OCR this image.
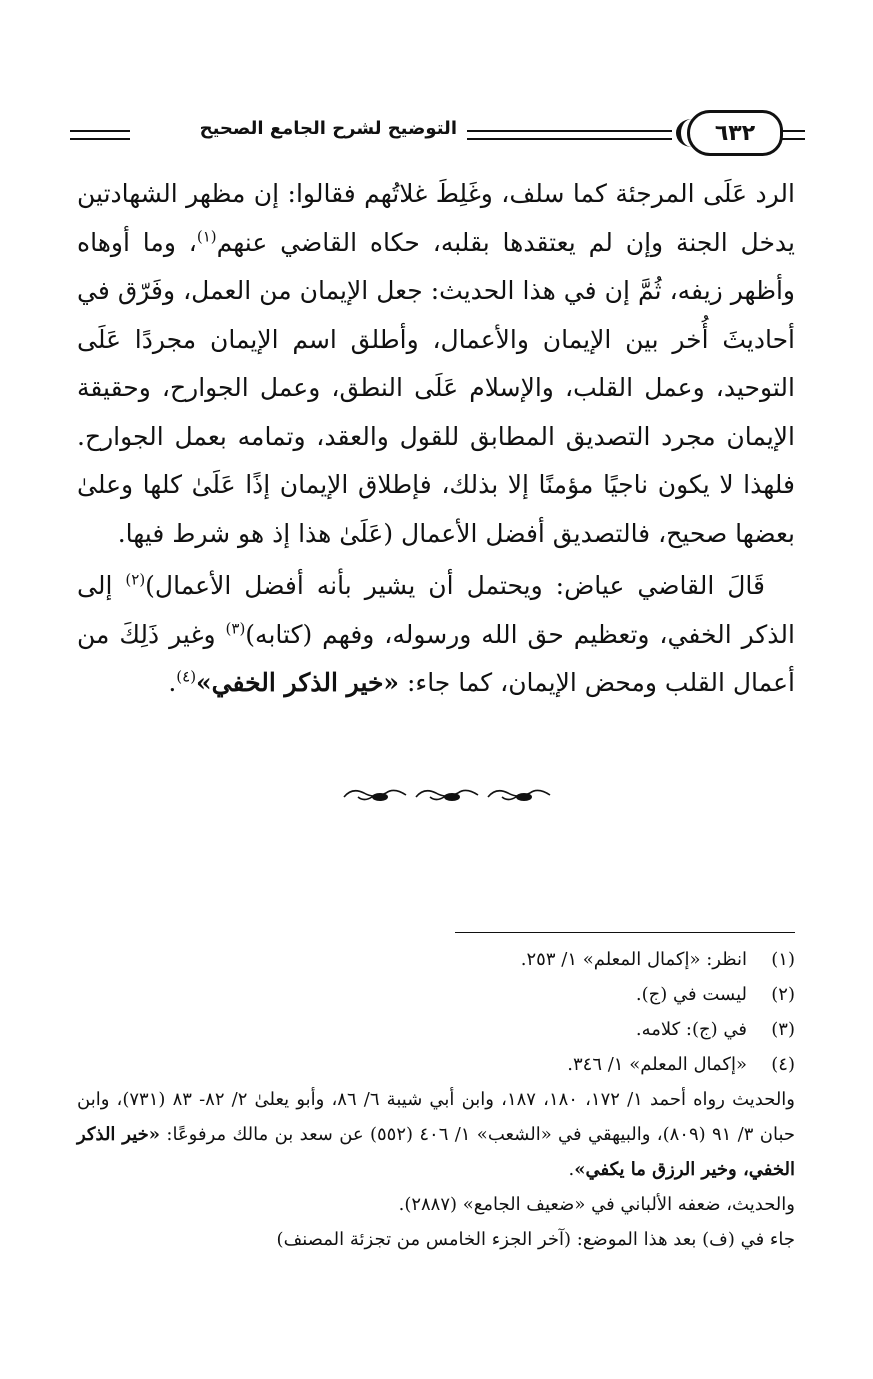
٦٣٢
التوضيح لشرح الجامع الصحيح

الرد عَلَى المرجئة كما سلف، وغَلِطَ غلاتُهم فقالوا: إن مظهر الشهادتين يدخل الجنة وإن لم يعتقدها بقلبه، حكاه القاضي عنهم$^{(١)}$، وما أوهاه وأظهر زيفه، ثُمَّ إن في هذا الحديث: جعل الإيمان من العمل، وفَرّق في أحاديثَ أُخر بين الإيمان والأعمال، وأطلق اسم الإيمان مجردًا عَلَى التوحيد، وعمل القلب، والإسلام عَلَى النطق، وعمل الجوارح، وحقيقة الإيمان مجرد التصديق المطابق للقول والعقد، وتمامه بعمل الجوارح. فلهذا لا يكون ناجيًا مؤمنًا إلا بذلك، فإطلاق الإيمان إذًا عَلَىٰ كلها وعلىٰ بعضها صحيح، فالتصديق أفضل الأعمال (عَلَىٰ هذا إذ هو شرط فيها.

قَالَ القاضي عياض: ويحتمل أن يشير بأنه أفضل الأعمال)$^{(٢)}$ إلى الذكر الخفي، وتعظيم حق الله ورسوله، وفهم (كتابه)$^{(٣)}$ وغير ذَلِكَ من أعمال القلب ومحض الإيمان، كما جاء: «خير الذكر الخفي»$^{(٤)}$.

(١)
انظر: «إكمال المعلم» ١/ ٢٥٣.
(٢)
ليست في (ج).
(٣)
في (ج): كلامه.
(٤)
«إكمال المعلم» ١/ ٣٤٦.

والحديث رواه أحمد ١/ ١٧٢، ١٨٠، ١٨٧، وابن أبي شيبة ٦/ ٨٦، وأبو يعلىٰ ٢/ ٨٢- ٨٣ (٧٣١)، وابن حبان ٣/ ٩١ (٨٠٩)، والبيهقي في «الشعب» ١/ ٤٠٦ (٥٥٢) عن سعد بن مالك مرفوعًا: «خير الذكر الخفي، وخير الرزق ما يكفي».

والحديث، ضعفه الألباني في «ضعيف الجامع» (٢٨٨٧).

جاء في (ف) بعد هذا الموضع: (آخر الجزء الخامس من تجزئة المصنف)
